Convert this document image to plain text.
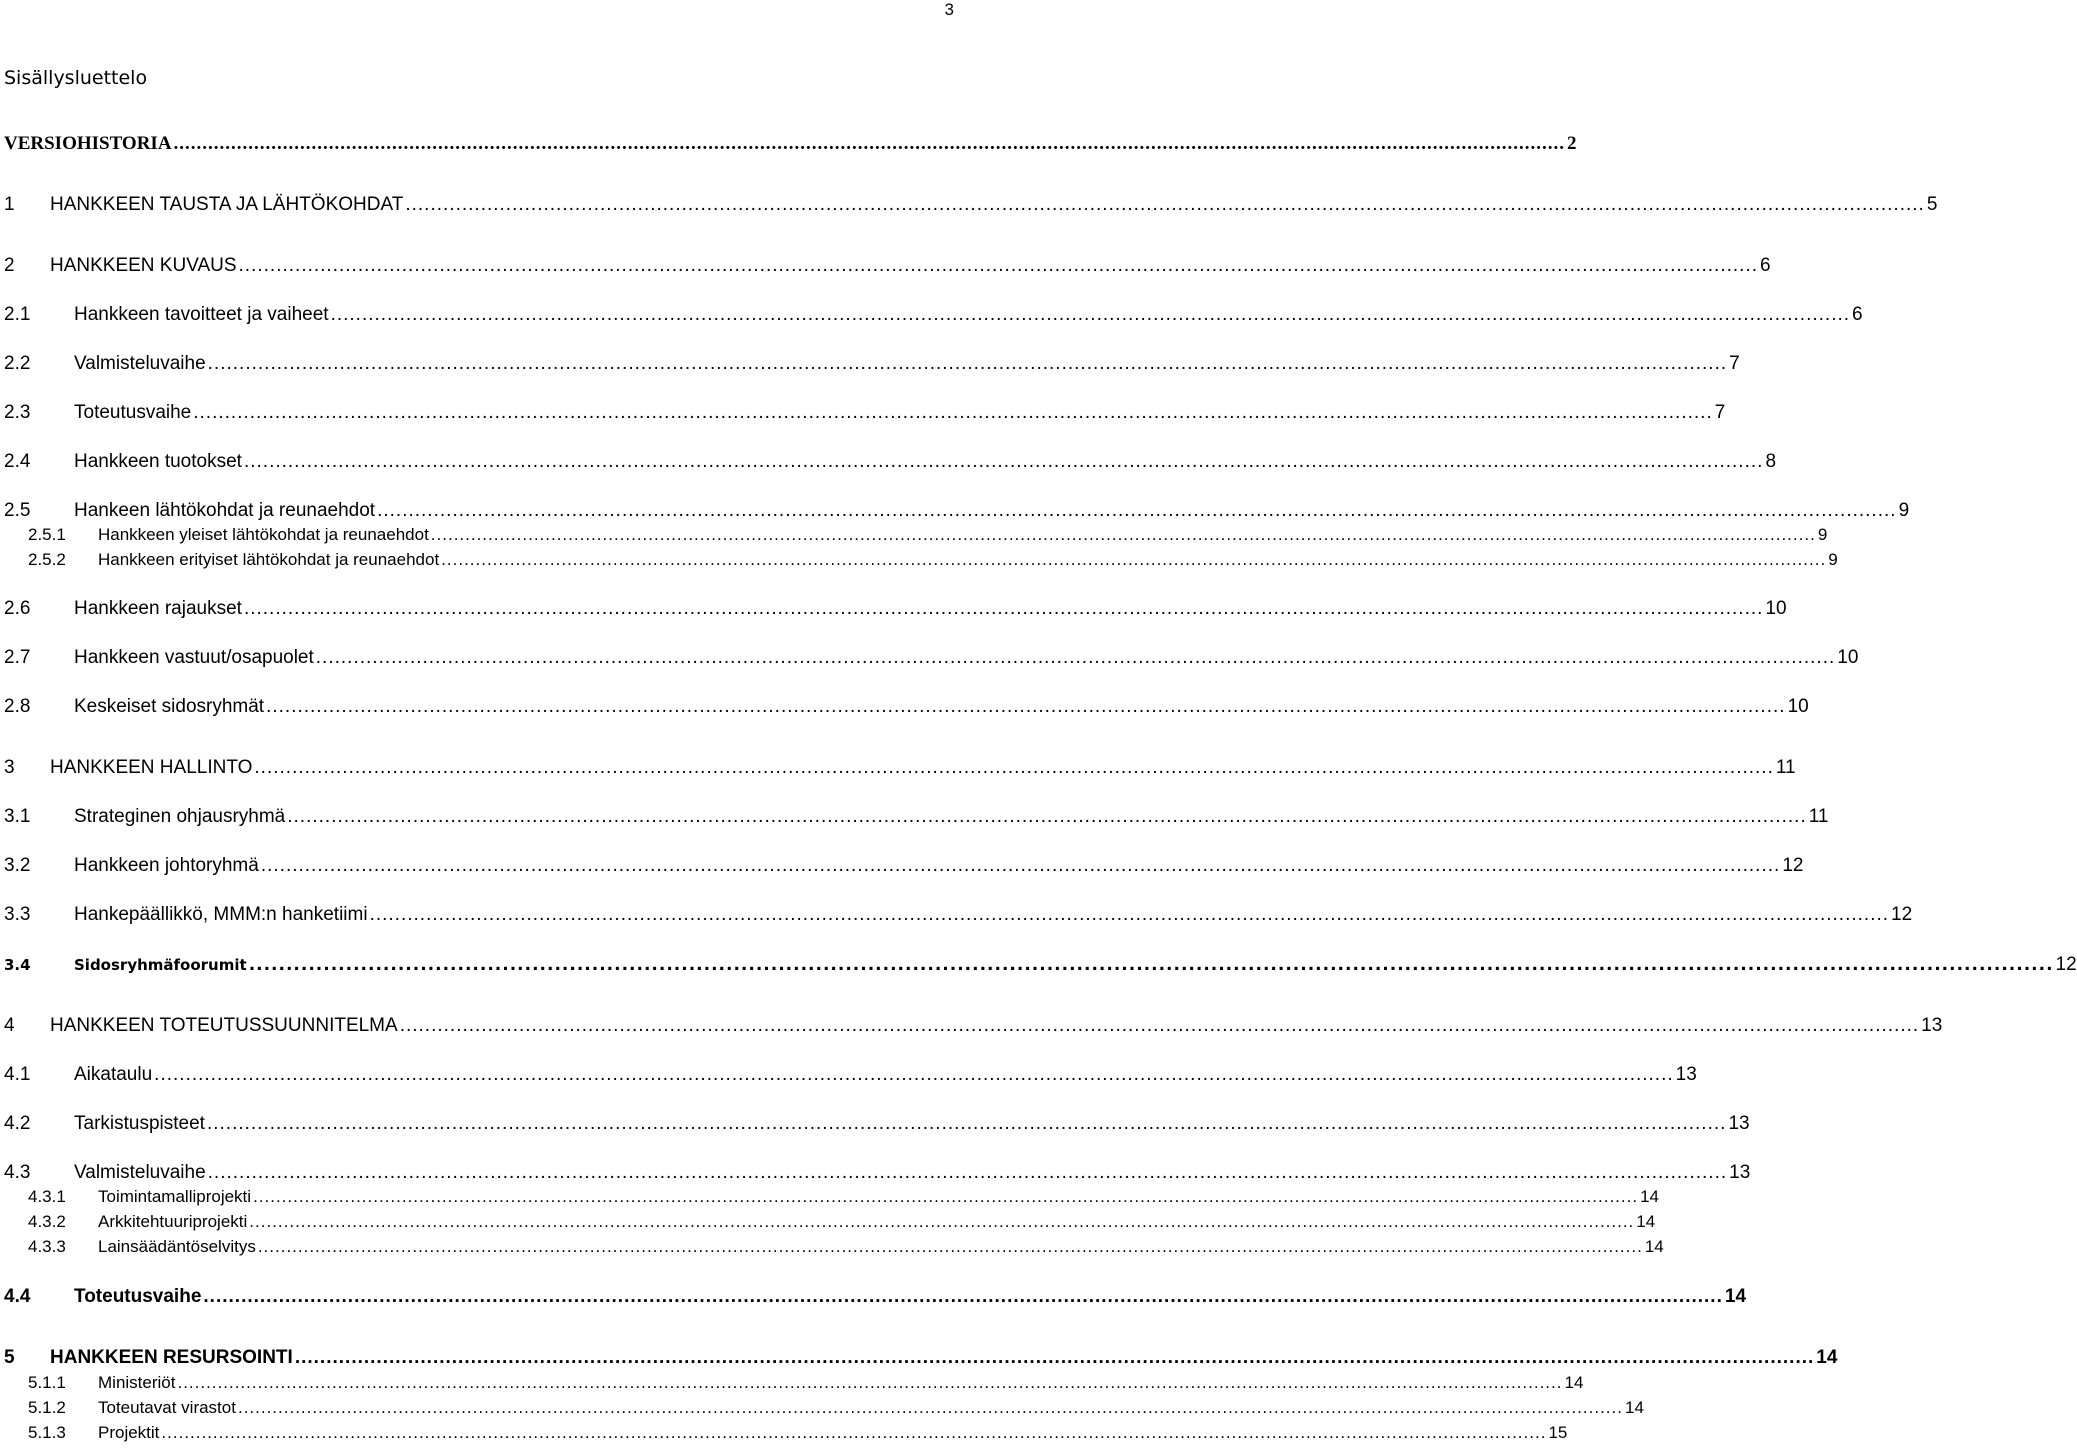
3
Sisällysluettelo
VERSIOHISTORIA .....	2
1	HANKKEEN TAUSTA JA LÄHTÖKOHDAT .....	5
2	HANKKEEN KUVAUS .....	6
2.1	Hankkeen tavoitteet ja vaiheet .....	6
2.2	Valmisteluvaihe .....	7
2.3	Toteutusvaihe .....	7
2.4	Hankkeen tuotokset .....	8
2.5	Hankeen lähtökohdat ja reunaehdot .....	9
2.5.1	Hankkeen yleiset lähtökohdat ja reunaehdot .....	9
2.5.2	Hankkeen erityiset lähtökohdat ja reunaehdot .....	9
2.6	Hankkeen rajaukset .....	10
2.7	Hankkeen vastuut/osapuolet .....	10
2.8	Keskeiset sidosryhmät .....	10
3	HANKKEEN HALLINTO .....	11
3.1	Strateginen ohjausryhmä .....	11
3.2	Hankkeen johtoryhmä .....	12
3.3	Hankepäällikkö, MMM:n hanketiimi .....	12
3.4	Sidosryhmäfoorumit .....	12
4	HANKKEEN TOTEUTUSSUUNNITELMA .....	13
4.1	Aikataulu .....	13
4.2	Tarkistuspisteet .....	13
4.3	Valmisteluvaihe .....	13
4.3.1	Toimintamalliprojekti .....	14
4.3.2	Arkkitehtuuriprojekti .....	14
4.3.3	Lainsäädäntöselvitys .....	14
4.4	Toteutusvaihe .....	14
5	HANKKEEN RESURSOINTI .....	14
5.1.1	Ministeriöt .....	14
5.1.2	Toteutavat virastot .....	14
5.1.3	Projektit .....	15
